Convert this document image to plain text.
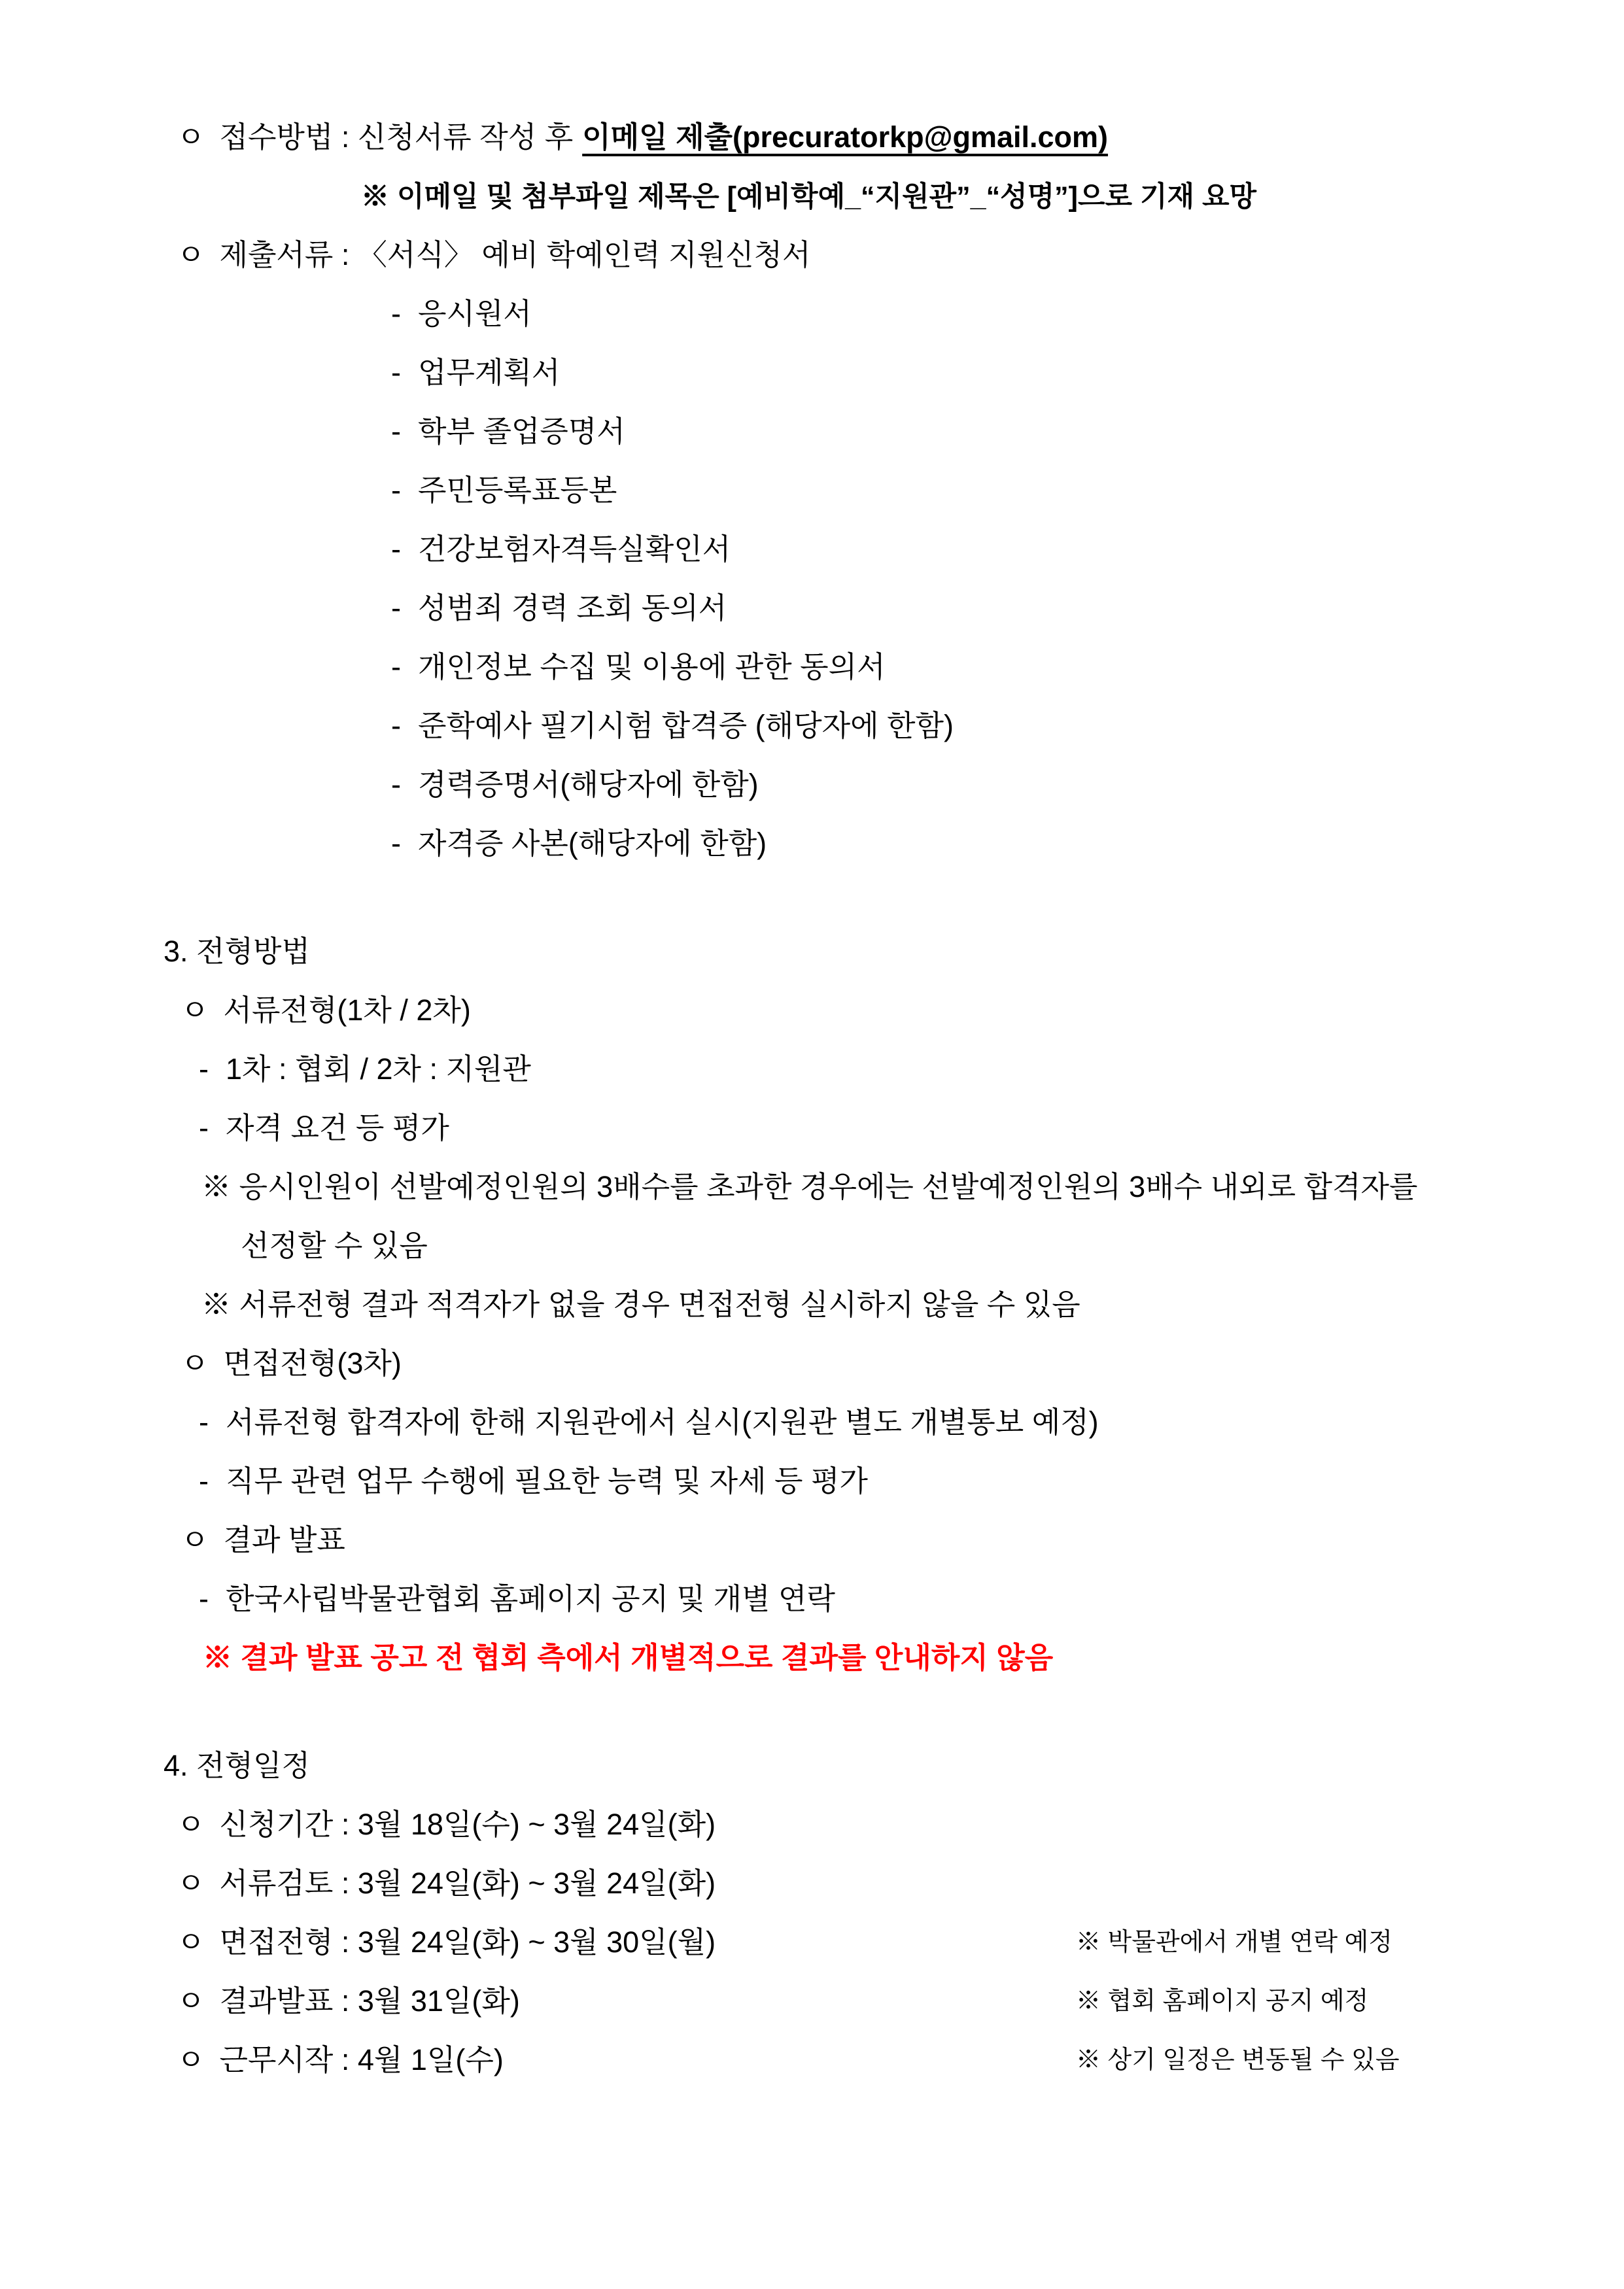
ㅇ 접수방법 : 신청서류 작성 후 이메일 제출(precuratorkp@gmail.com)
※ 이메일 및 첨부파일 제목은 [예비학예_“지원관”_“성명”]으로 기재 요망
ㅇ 제출서류 : 〈서식〉 예비 학예인력 지원신청서
- 응시원서
- 업무계획서
- 학부 졸업증명서
- 주민등록표등본
- 건강보험자격득실확인서
- 성범죄 경력 조회 동의서
- 개인정보 수집 및 이용에 관한 동의서
- 준학예사 필기시험 합격증 (해당자에 한함)
- 경력증명서(해당자에 한함)
- 자격증 사본(해당자에 한함)
3. 전형방법
ㅇ 서류전형(1차 / 2차)
- 1차 : 협회 / 2차 : 지원관
- 자격 요건 등 평가
※ 응시인원이 선발예정인원의 3배수를 초과한 경우에는 선발예정인원의 3배수 내외로 합격자를
선정할 수 있음
※ 서류전형 결과 적격자가 없을 경우 면접전형 실시하지 않을 수 있음
ㅇ 면접전형(3차)
- 서류전형 합격자에 한해 지원관에서 실시(지원관 별도 개별통보 예정)
- 직무 관련 업무 수행에 필요한 능력 및 자세 등 평가
ㅇ 결과 발표
- 한국사립박물관협회 홈페이지 공지 및 개별 연락
※ 결과 발표 공고 전 협회 측에서 개별적으로 결과를 안내하지 않음
4. 전형일정
ㅇ 신청기간 : 3월 18일(수) ~ 3월 24일(화)
ㅇ 서류검토 : 3월 24일(화) ~ 3월 24일(화)
ㅇ 면접전형 : 3월 24일(화) ~ 3월 30일(월)	※ 박물관에서 개별 연락 예정
ㅇ 결과발표 : 3월 31일(화)	※ 협회 홈페이지 공지 예정
ㅇ 근무시작 : 4월 1일(수)	※ 상기 일정은 변동될 수 있음
